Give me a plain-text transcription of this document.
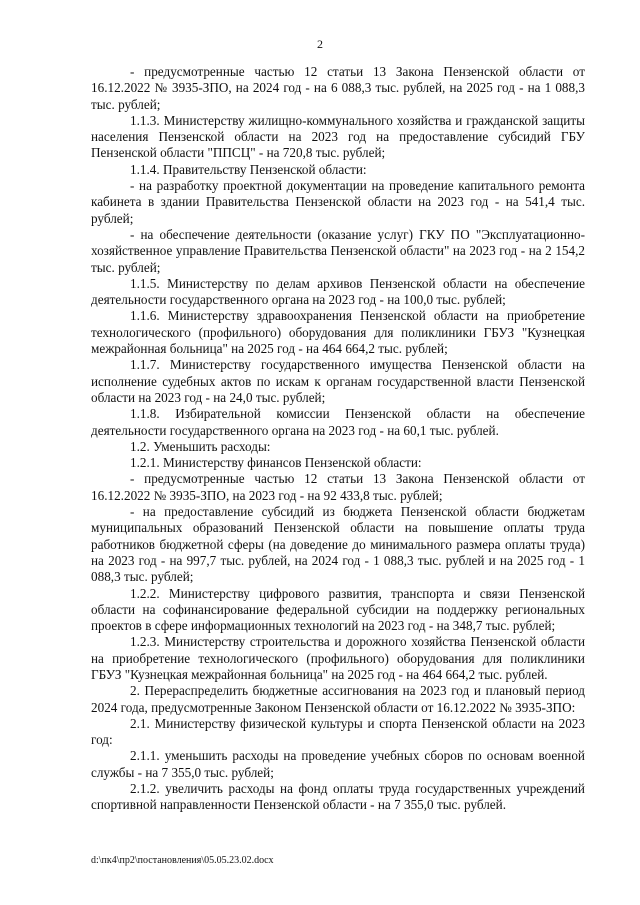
2

- предусмотренные частью 12 статьи 13 Закона Пензенской области от 16.12.2022 № 3935-ЗПО, на 2024 год - на 6 088,3 тыс. рублей, на 2025 год - на 1 088,3 тыс. рублей;

1.1.3. Министерству жилищно-коммунального хозяйства и гражданской защиты населения Пензенской области на 2023 год на предоставление субсидий ГБУ Пензенской области "ППСЦ" - на 720,8 тыс. рублей;

1.1.4. Правительству Пензенской области:

- на разработку проектной документации на проведение капитального ремонта кабинета в здании Правительства Пензенской области на 2023 год - на 541,4 тыс. рублей;

- на обеспечение деятельности (оказание услуг) ГКУ ПО "Эксплуатационно-хозяйственное управление Правительства Пензенской области" на 2023 год - на 2 154,2 тыс. рублей;

1.1.5. Министерству по делам архивов Пензенской области на обеспечение деятельности государственного органа на 2023 год - на 100,0 тыс. рублей;

1.1.6. Министерству здравоохранения Пензенской области на приобретение технологического (профильного) оборудования для поликлиники ГБУЗ "Кузнецкая межрайонная больница" на 2025 год - на 464 664,2 тыс. рублей;

1.1.7. Министерству государственного имущества Пензенской области на исполнение судебных актов по искам к органам государственной власти Пензенской области на 2023 год - на 24,0 тыс. рублей;

1.1.8. Избирательной комиссии Пензенской области на обеспечение деятельности государственного органа на 2023 год - на 60,1 тыс. рублей.

1.2. Уменьшить расходы:

1.2.1. Министерству финансов Пензенской области:

- предусмотренные частью 12 статьи 13 Закона Пензенской области от 16.12.2022 № 3935-ЗПО, на 2023 год - на 92 433,8 тыс. рублей;

- на предоставление субсидий из бюджета Пензенской области бюджетам муниципальных образований Пензенской области на повышение оплаты труда работников бюджетной сферы (на доведение до минимального размера оплаты труда) на 2023 год - на 997,7 тыс. рублей, на 2024 год - 1 088,3 тыс. рублей и на 2025 год - 1 088,3 тыс. рублей;

1.2.2. Министерству цифрового развития, транспорта и связи Пензенской области на софинансирование федеральной субсидии на поддержку региональных проектов в сфере информационных технологий на 2023 год - на 348,7 тыс. рублей;

1.2.3. Министерству строительства и дорожного хозяйства Пензенской области на приобретение технологического (профильного) оборудования для поликлиники ГБУЗ "Кузнецкая межрайонная больница" на 2025 год - на 464 664,2 тыс. рублей.

2. Перераспределить бюджетные ассигнования на 2023 год и плановый период 2024 года, предусмотренные Законом Пензенской области от 16.12.2022 № 3935-ЗПО:

2.1. Министерству физической культуры и спорта Пензенской области на 2023 год:

2.1.1. уменьшить расходы на проведение учебных сборов по основам военной службы - на 7 355,0 тыс. рублей;

2.1.2. увеличить расходы на фонд оплаты труда государственных учреждений спортивной направленности Пензенской области - на 7 355,0 тыс. рублей.

d:\пк4\пр2\постановления\05.05.23.02.docx
